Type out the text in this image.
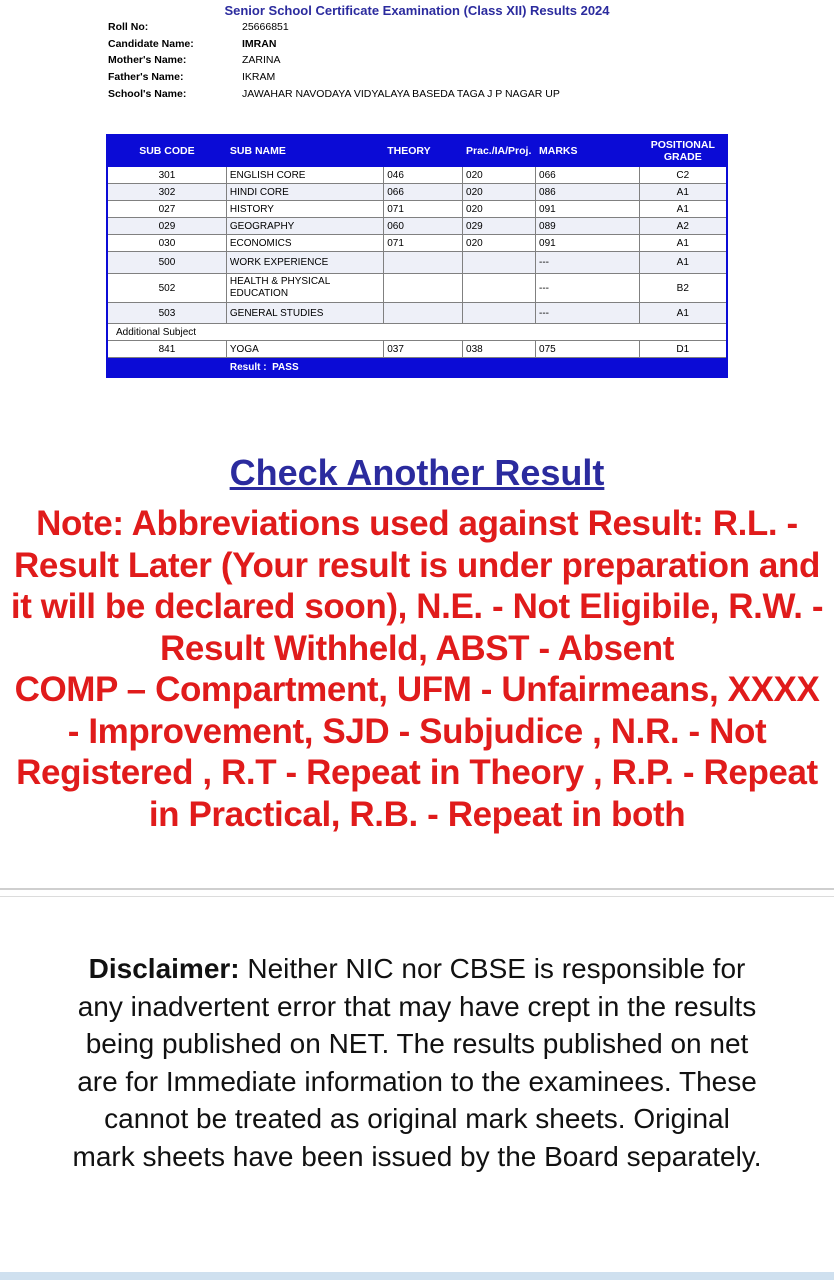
Senior School Certificate Examination (Class XII) Results 2024
Roll No:	25666851
Candidate Name:	IMRAN
Mother's Name:	ZARINA
Father's Name:	IKRAM
School's Name:	JAWAHAR NAVODAYA VIDYALAYA BASEDA TAGA J P NAGAR UP
SUB CODE	SUB NAME	THEORY	Prac./IA/Proj.	MARKS	POSITIONAL
GRADE
301	ENGLISH CORE	046	020	066	C2
302	HINDI CORE	066	020	086	A1
027	HISTORY	071	020	091	A1
029	GEOGRAPHY	060	029	089	A2
030	ECONOMICS	071	020	091	A1
500	WORK EXPERIENCE			---	A1
502	HEALTH & PHYSICAL
EDUCATION			---	B2
503	GENERAL STUDIES			---	A1
Additional Subject					
841	YOGA	037	038	075	D1
	Result : PASS				
Check Another Result
Note: Abbreviations used against Result: R.L. - Result Later (Your result is under preparation and it will be declared soon), N.E. - Not Eligibile, R.W. - Result Withheld, ABST - Absent
COMP – Compartment, UFM - Unfairmeans, XXXX - Improvement, SJD - Subjudice , N.R. - Not Registered , R.T - Repeat in Theory , R.P. - Repeat in Practical, R.B. - Repeat in both
Disclaimer: Neither NIC nor CBSE is responsible for any inadvertent error that may have crept in the results being published on NET. The results published on net are for Immediate information to the examinees. These cannot be treated as original mark sheets. Original mark sheets have been issued by the Board separately.
